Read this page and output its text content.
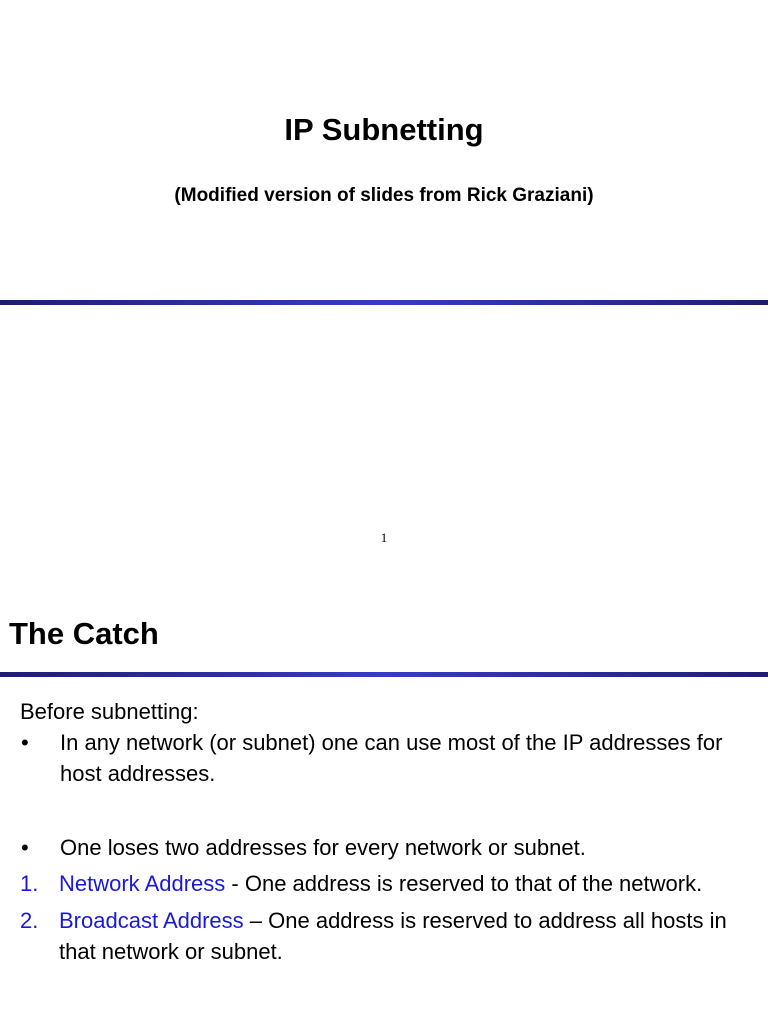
IP Subnetting
(Modified version of slides from Rick Graziani)
1
The Catch

Before subnetting:

•	In any network (or subnet) one can use most of the IP addresses for host addresses.
•	One loses two addresses for every network or subnet.
1. Network Address - One address is reserved to that of the network.
2. Broadcast Address – One address is reserved to address all hosts in that network or subnet.
